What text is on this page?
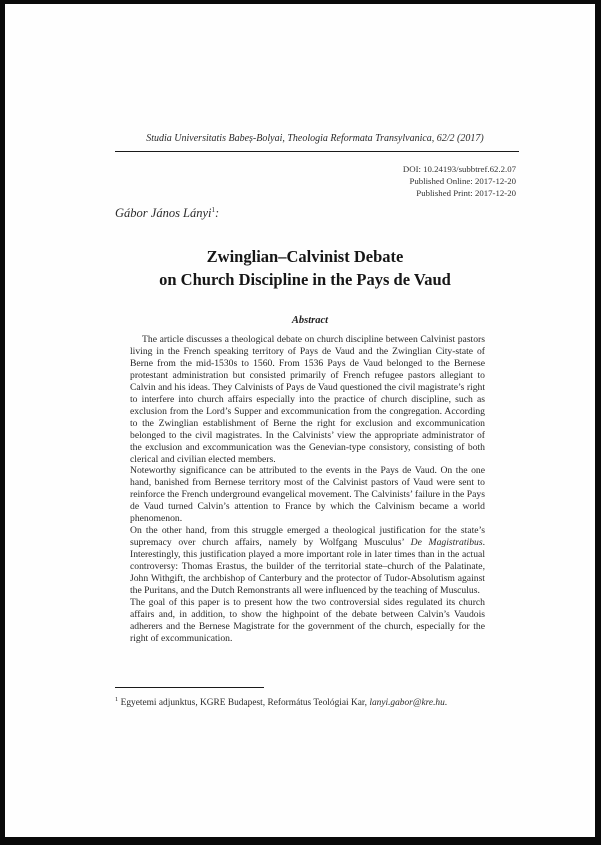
Studia Universitatis Babeș-Bolyai, Theologia Reformata Transylvanica, 62/2 (2017)
DOI: 10.24193/subbtref.62.2.07
Published Online: 2017-12-20
Published Print: 2017-12-20
Gábor János Lányi$^1$:
Zwinglian–Calvinist Debate
on Church Discipline in the Pays de Vaud
Abstract

The article discusses a theological debate on church discipline between Calvinist pastors living in the French speaking territory of Pays de Vaud and the Zwinglian City-state of Berne from the mid-1530s to 1560. From 1536 Pays de Vaud belonged to the Bernese protestant administration but consisted primarily of French refugee pastors allegiant to Calvin and his ideas. They Calvinists of Pays de Vaud questioned the civil magistrate’s right to interfere into church affairs especially into the practice of church discipline, such as exclusion from the Lord’s Supper and excommunication from the congregation. According to the Zwinglian establishment of Berne the right for exclusion and excommunication belonged to the civil magistrates. In the Calvinists’ view the appropriate administrator of the exclusion and excommunication was the Genevian-type consistory, consisting of both clerical and civilian elected members.

Noteworthy significance can be attributed to the events in the Pays de Vaud. On the one hand, banished from Bernese territory most of the Calvinist pastors of Vaud were sent to reinforce the French underground evangelical movement. The Calvinists’ failure in the Pays de Vaud turned Calvin’s attention to France by which the Calvinism became a world phenomenon.

On the other hand, from this struggle emerged a theological justification for the state’s supremacy over church affairs, namely by Wolfgang Musculus’ De Magistratibus. Interestingly, this justification played a more important role in later times than in the actual controversy: Thomas Erastus, the builder of the territorial state–church of the Palatinate, John Withgift, the archbishop of Canterbury and the protector of Tudor-Absolutism against the Puritans, and the Dutch Remonstrants all were influenced by the teaching of Musculus.

The goal of this paper is to present how the two controversial sides regulated its church affairs and, in addition, to show the highpoint of the debate between Calvin’s Vaudois adherers and the Bernese Magistrate for the government of the church, especially for the right of excommunication.

$^1$ Egyetemi adjunktus, KGRE Budapest, Református Teológiai Kar, lanyi.gabor@kre.hu.
